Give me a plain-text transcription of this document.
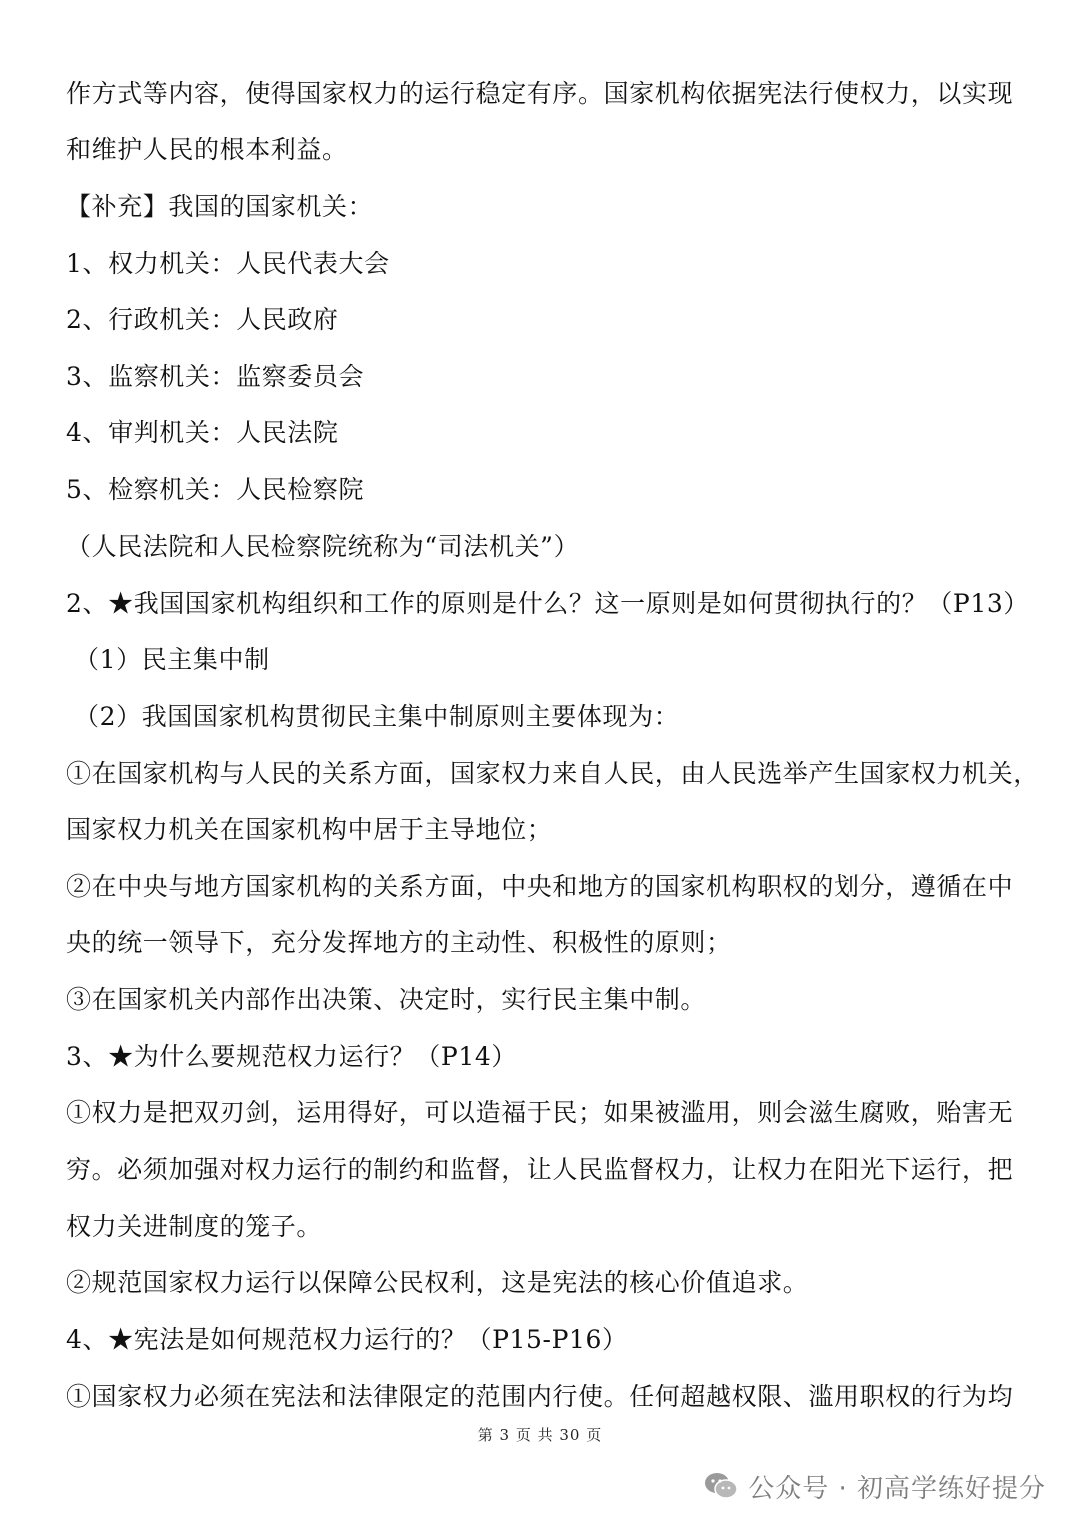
作方式等内容，使得国家权力的运行稳定有序。国家机构依据宪法行使权力，以实现
和维护人民的根本利益。
【补充】我国的国家机关：
1、权力机关：人民代表大会
2、行政机关：人民政府
3、监察机关：监察委员会
4、审判机关：人民法院
5、检察机关：人民检察院
（人民法院和人民检察院统称为“司法机关”）
2、★我国国家机构组织和工作的原则是什么？这一原则是如何贯彻执行的？（P13）
（1）民主集中制
（2）我国国家机构贯彻民主集中制原则主要体现为：
①在国家机构与人民的关系方面，国家权力来自人民，由人民选举产生国家权力机关，
国家权力机关在国家机构中居于主导地位；
②在中央与地方国家机构的关系方面，中央和地方的国家机构职权的划分，遵循在中
央的统一领导下，充分发挥地方的主动性、积极性的原则；
③在国家机关内部作出决策、决定时，实行民主集中制。
3、★为什么要规范权力运行？（P14）
①权力是把双刃剑，运用得好，可以造福于民；如果被滥用，则会滋生腐败，贻害无
穷。必须加强对权力运行的制约和监督，让人民监督权力，让权力在阳光下运行，把
权力关进制度的笼子。
②规范国家权力运行以保障公民权利，这是宪法的核心价值追求。
4、★宪法是如何规范权力运行的？（P15-P16）
①国家权力必须在宪法和法律限定的范围内行使。任何超越权限、滥用职权的行为均
第 3 页 共 30 页
公众号 · 初高学练好提分
